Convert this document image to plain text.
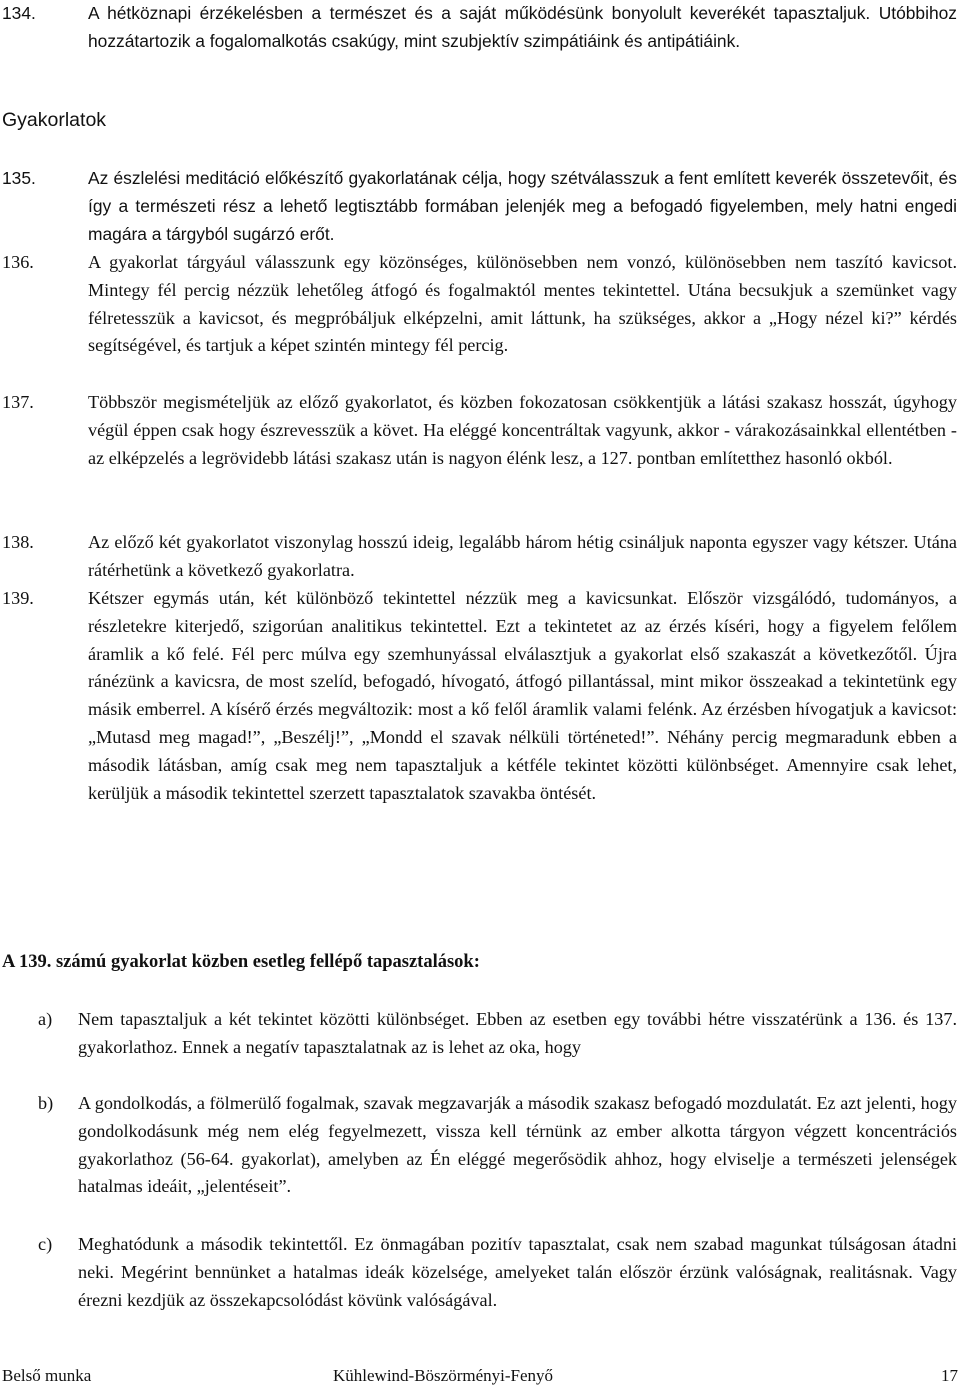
134.	A hétköznapi érzékelésben a természet és a saját működésünk bonyolult keverékét tapasztaljuk. Utóbbihoz hozzátartozik a fogalomalkotás csakúgy, mint szubjektív szimpátiáink és antipátiáink.
Gyakorlatok
135.	Az észlelési meditáció előkészítő gyakorlatának célja, hogy szétválasszuk a fent említett keverék összetevőit, és így a természeti rész a lehető legtisztább formában jelenjék meg a befogadó figyelemben, mely hatni engedi magára a tárgyból sugárzó erőt.
136.	A gyakorlat tárgyául válasszunk egy közönséges, különösebben nem vonzó, különösebben nem taszító kavicsot. Mintegy fél percig nézzük lehetőleg átfogó és fogalmaktól mentes tekintettel. Utána becsukjuk a szemünket vagy félretesszük a kavicsot, és megpróbáljuk elképzelni, amit láttunk, ha szükséges, akkor a „Hogy nézel ki?” kérdés segítségével, és tartjuk a képet szintén mintegy fél percig.
137.	Többször megismételjük az előző gyakorlatot, és közben fokozatosan csökkentjük a látási szakasz hosszát, úgyhogy végül éppen csak hogy észrevesszük a követ. Ha eléggé koncentráltak vagyunk, akkor - várakozásainkkal ellentétben - az elképzelés a legrövidebb látási szakasz után is nagyon élénk lesz, a 127. pontban említetthez hasonló okból.
138.	Az előző két gyakorlatot viszonylag hosszú ideig, legalább három hétig csináljuk naponta egyszer vagy kétszer. Utána rátérhetünk a következő gyakorlatra.
139.	Kétszer egymás után, két különböző tekintettel nézzük meg a kavicsunkat. Először vizsgálódó, tudományos, a részletekre kiterjedő, szigorúan analitikus tekintettel. Ezt a tekintetet az az érzés kíséri, hogy a figyelem felőlem áramlik a kő felé. Fél perc múlva egy szemhunyással elválasztjuk a gyakorlat első szakaszát a következőtől. Újra ránézünk a kavicsra, de most szelíd, befogadó, hívogató, átfogó pillantással, mint mikor összeakad a tekintetünk egy másik emberrel. A kísérő érzés megváltozik: most a kő felől áramlik valami felénk. Az érzésben hívogatjuk a kavicsot: „Mutasd meg magad!”, „Beszélj!”, „Mondd el szavak nélküli történeted!”. Néhány percig megmaradunk ebben a második látásban, amíg csak meg nem tapasztaljuk a kétféle tekintet közötti különbséget. Amennyire csak lehet, kerüljük a második tekintettel szerzett tapasztalatok szavakba öntését.
A 139. számú gyakorlat közben esetleg fellépő tapasztalások:
a) Nem tapasztaljuk a két tekintet közötti különbséget. Ebben az esetben egy további hétre visszatérünk a 136. és 137. gyakorlathoz. Ennek a negatív tapasztalatnak az is lehet az oka, hogy
b) A gondolkodás, a fölmerülő fogalmak, szavak megzavarják a második szakasz befogadó mozdulatát. Ez azt jelenti, hogy gondolkodásunk még nem elég fegyelmezett, vissza kell térnünk az ember alkotta tárgyon végzett koncentrációs gyakorlathoz (56-64. gyakorlat), amelyben az Én eléggé megerősödik ahhoz, hogy elviselje a természeti jelenségek hatalmas ideáit, „jelentéseit”.
c) Meghatódunk a második tekintettől. Ez önmagában pozitív tapasztalat, csak nem szabad magunkat túlságosan átadni neki. Megérint bennünket a hatalmas ideák közelsége, amelyeket talán először érzünk valóságnak, realitásnak. Vagy érezni kezdjük az összekapcsolódást kövünk valóságával.
Belső munka	Kühlewind-Böszörményi-Fenyő	17
